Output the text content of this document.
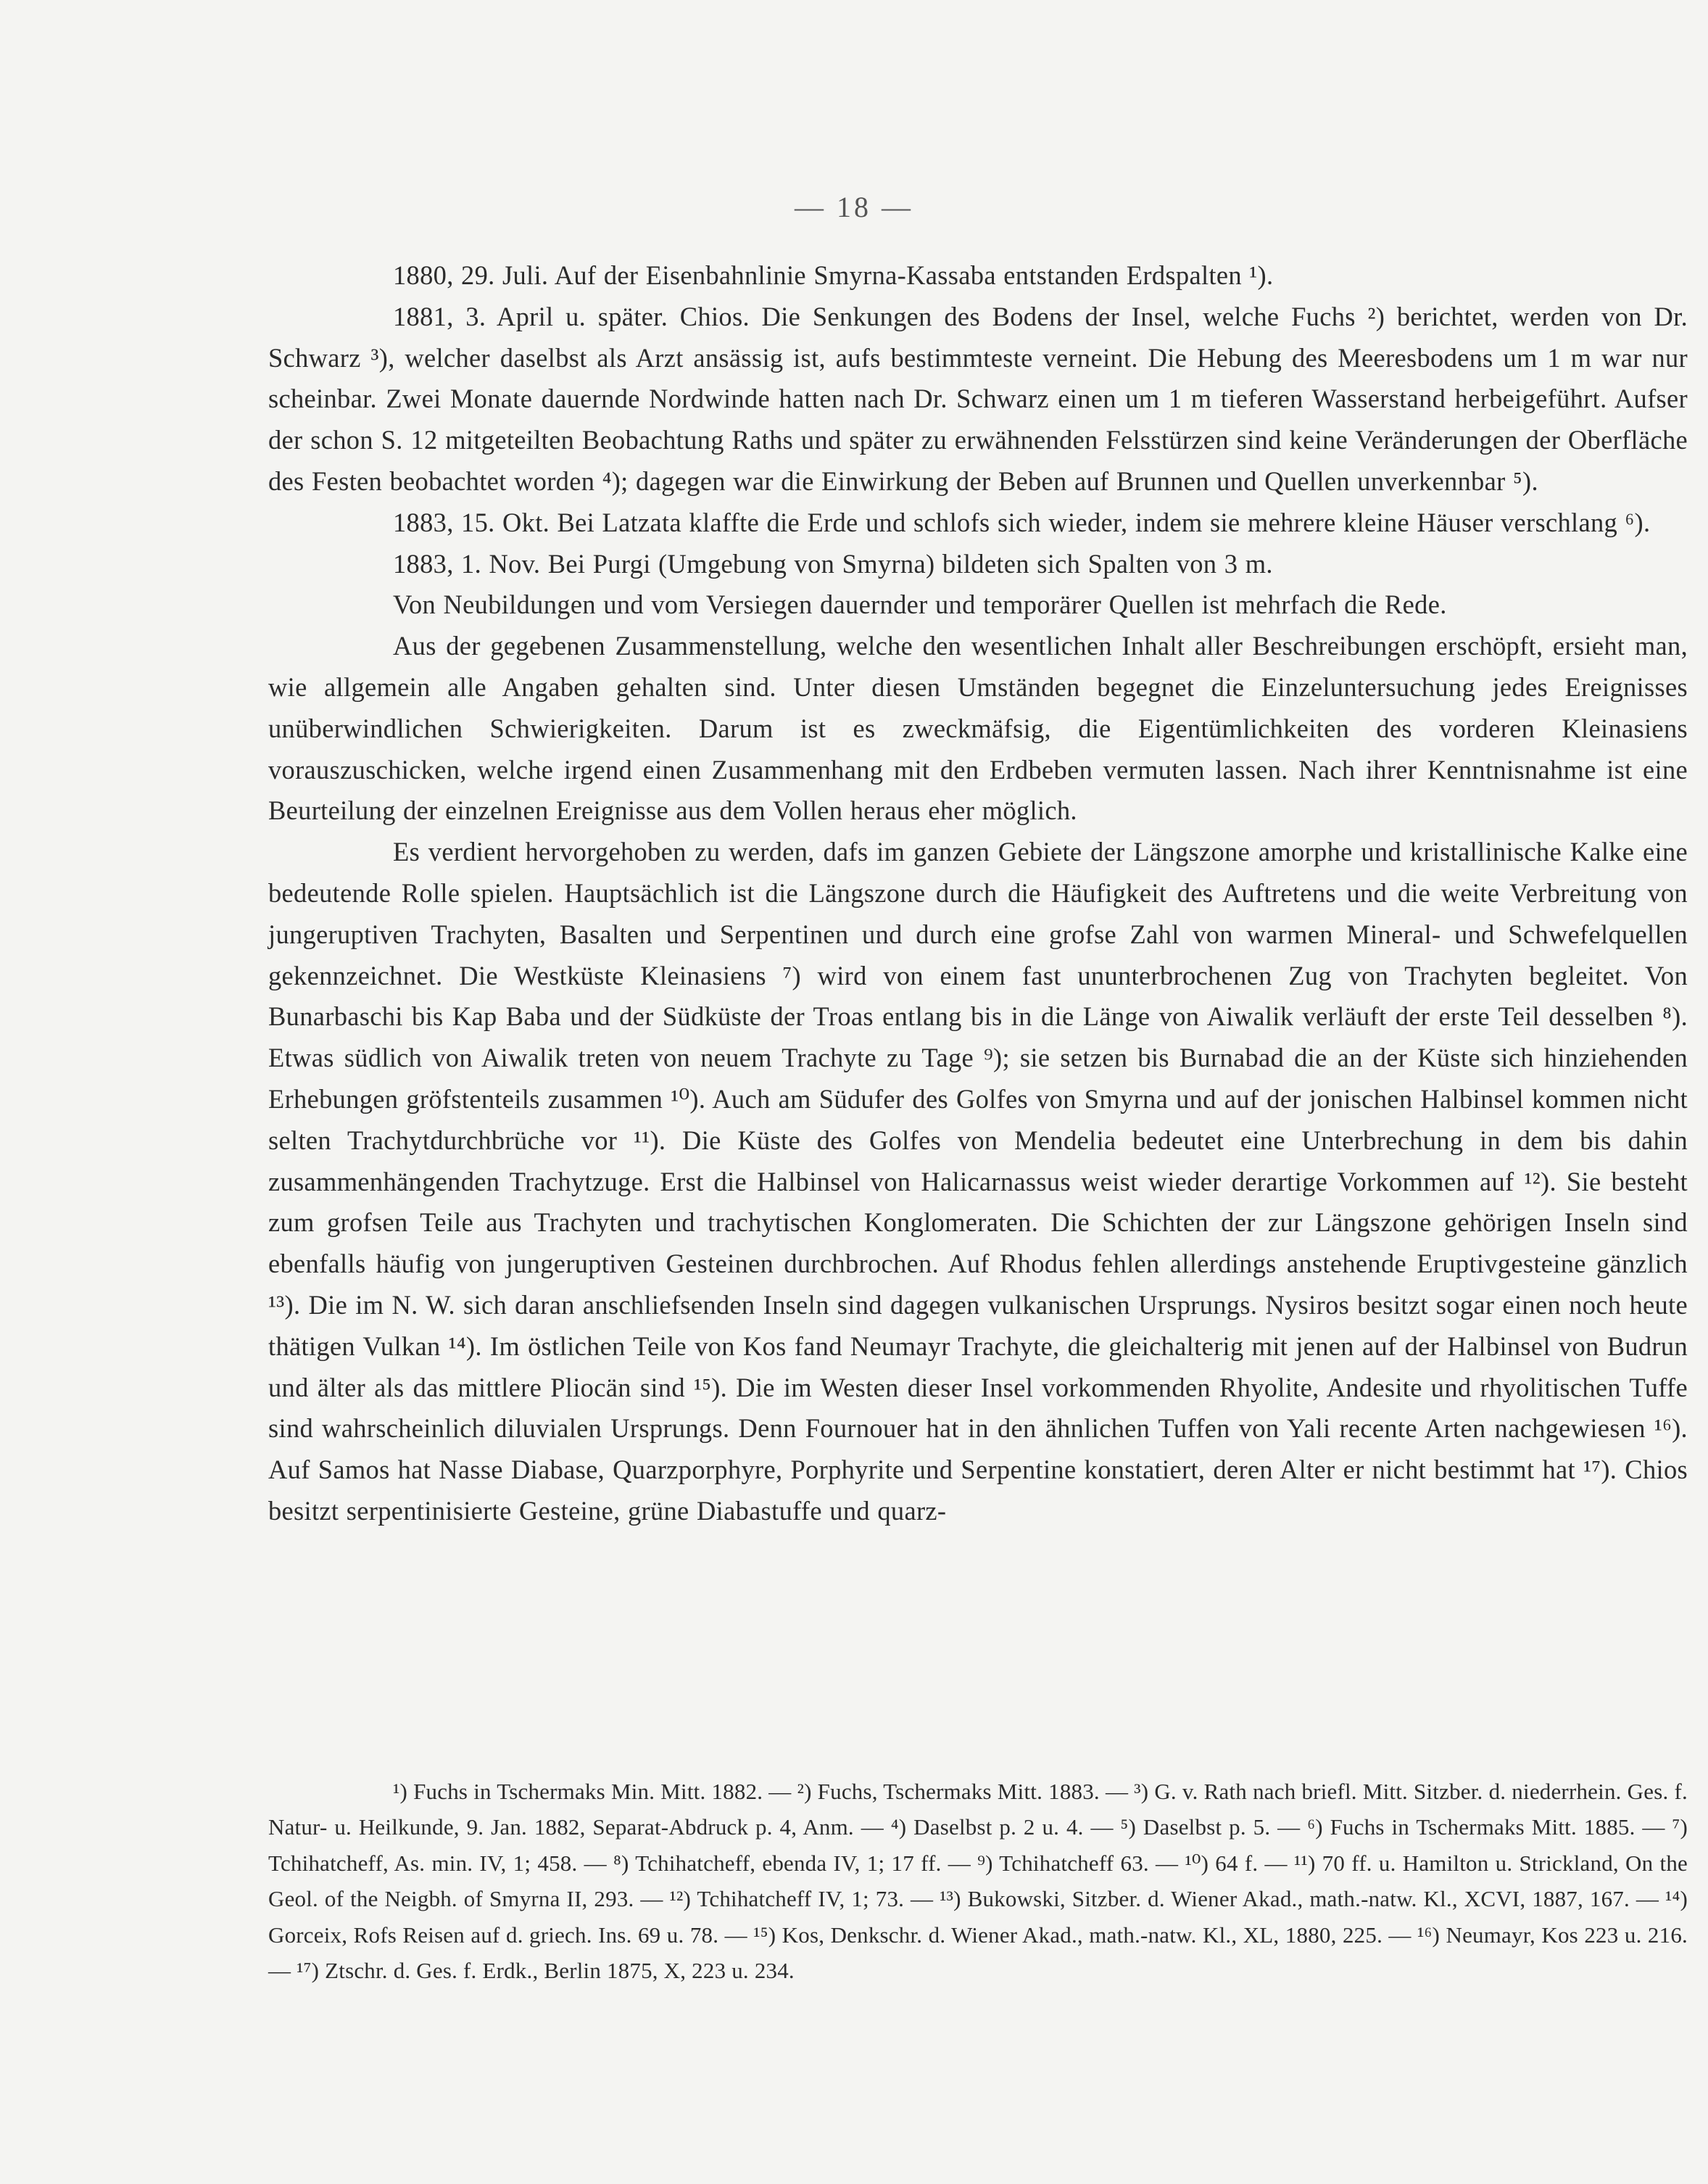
— 18 —

1880, 29. Juli. Auf der Eisenbahnlinie Smyrna-Kassaba entstanden Erdspalten ¹).

1881, 3. April u. später. Chios. Die Senkungen des Bodens der Insel, welche Fuchs ²) berichtet, werden von Dr. Schwarz ³), welcher daselbst als Arzt ansässig ist, aufs bestimmteste verneint. Die Hebung des Meeresbodens um 1 m war nur scheinbar. Zwei Monate dauernde Nordwinde hatten nach Dr. Schwarz einen um 1 m tieferen Wasserstand herbeigeführt. Aufser der schon S. 12 mitgeteilten Beobachtung Raths und später zu erwähnenden Felsstürzen sind keine Veränderungen der Oberfläche des Festen beobachtet worden ⁴); dagegen war die Einwirkung der Beben auf Brunnen und Quellen unverkennbar ⁵).

1883, 15. Okt. Bei Latzata klaffte die Erde und schlofs sich wieder, indem sie mehrere kleine Häuser verschlang ⁶).

1883, 1. Nov. Bei Purgi (Umgebung von Smyrna) bildeten sich Spalten von 3 m.

Von Neubildungen und vom Versiegen dauernder und temporärer Quellen ist mehrfach die Rede.

Aus der gegebenen Zusammenstellung, welche den wesentlichen Inhalt aller Beschreibungen erschöpft, ersieht man, wie allgemein alle Angaben gehalten sind. Unter diesen Umständen begegnet die Einzeluntersuchung jedes Ereignisses unüberwindlichen Schwierigkeiten. Darum ist es zweckmäfsig, die Eigentümlichkeiten des vorderen Kleinasiens vorauszuschicken, welche irgend einen Zusammenhang mit den Erdbeben vermuten lassen. Nach ihrer Kenntnisnahme ist eine Beurteilung der einzelnen Ereignisse aus dem Vollen heraus eher möglich.

Es verdient hervorgehoben zu werden, dafs im ganzen Gebiete der Längszone amorphe und kristallinische Kalke eine bedeutende Rolle spielen. Hauptsächlich ist die Längszone durch die Häufigkeit des Auftretens und die weite Verbreitung von jungeruptiven Trachyten, Basalten und Serpentinen und durch eine grofse Zahl von warmen Mineral- und Schwefelquellen gekennzeichnet. Die Westküste Kleinasiens ⁷) wird von einem fast ununterbrochenen Zug von Trachyten begleitet. Von Bunarbaschi bis Kap Baba und der Südküste der Troas entlang bis in die Länge von Aiwalik verläuft der erste Teil desselben ⁸). Etwas südlich von Aiwalik treten von neuem Trachyte zu Tage ⁹); sie setzen bis Burnabad die an der Küste sich hinziehenden Erhebungen gröfstenteils zusammen ¹⁰). Auch am Südufer des Golfes von Smyrna und auf der jonischen Halbinsel kommen nicht selten Trachytdurchbrüche vor ¹¹). Die Küste des Golfes von Mendelia bedeutet eine Unterbrechung in dem bis dahin zusammenhängenden Trachytzuge. Erst die Halbinsel von Halicarnassus weist wieder derartige Vorkommen auf ¹²). Sie besteht zum grofsen Teile aus Trachyten und trachytischen Konglomeraten. Die Schichten der zur Längszone gehörigen Inseln sind ebenfalls häufig von jungeruptiven Gesteinen durchbrochen. Auf Rhodus fehlen allerdings anstehende Eruptivgesteine gänzlich ¹³). Die im N. W. sich daran anschliefsenden Inseln sind dagegen vulkanischen Ursprungs. Nysiros besitzt sogar einen noch heute thätigen Vulkan ¹⁴). Im östlichen Teile von Kos fand Neumayr Trachyte, die gleichalterig mit jenen auf der Halbinsel von Budrun und älter als das mittlere Pliocän sind ¹⁵). Die im Westen dieser Insel vorkommenden Rhyolite, Andesite und rhyolitischen Tuffe sind wahrscheinlich diluvialen Ursprungs. Denn Fournouer hat in den ähnlichen Tuffen von Yali recente Arten nachgewiesen ¹⁶). Auf Samos hat Nasse Diabase, Quarzporphyre, Porphyrite und Serpentine konstatiert, deren Alter er nicht bestimmt hat ¹⁷). Chios besitzt serpentinisierte Gesteine, grüne Diabastuffe und quarz-

¹) Fuchs in Tschermaks Min. Mitt. 1882. — ²) Fuchs, Tschermaks Mitt. 1883. — ³) G. v. Rath nach briefl. Mitt. Sitzber. d. niederrhein. Ges. f. Natur- u. Heilkunde, 9. Jan. 1882, Separat-Abdruck p. 4, Anm. — ⁴) Daselbst p. 2 u. 4. — ⁵) Daselbst p. 5. — ⁶) Fuchs in Tschermaks Mitt. 1885. — ⁷) Tchihatcheff, As. min. IV, 1; 458. — ⁸) Tchihatcheff, ebenda IV, 1; 17 ff. — ⁹) Tchihatcheff 63. — ¹⁰) 64 f. — ¹¹) 70 ff. u. Hamilton u. Strickland, On the Geol. of the Neigbh. of Smyrna II, 293. — ¹²) Tchihatcheff IV, 1; 73. — ¹³) Bukowski, Sitzber. d. Wiener Akad., math.-natw. Kl., XCVI, 1887, 167. — ¹⁴) Gorceix, Rofs Reisen auf d. griech. Ins. 69 u. 78. — ¹⁵) Kos, Denkschr. d. Wiener Akad., math.-natw. Kl., XL, 1880, 225. — ¹⁶) Neumayr, Kos 223 u. 216. — ¹⁷) Ztschr. d. Ges. f. Erdk., Berlin 1875, X, 223 u. 234.
